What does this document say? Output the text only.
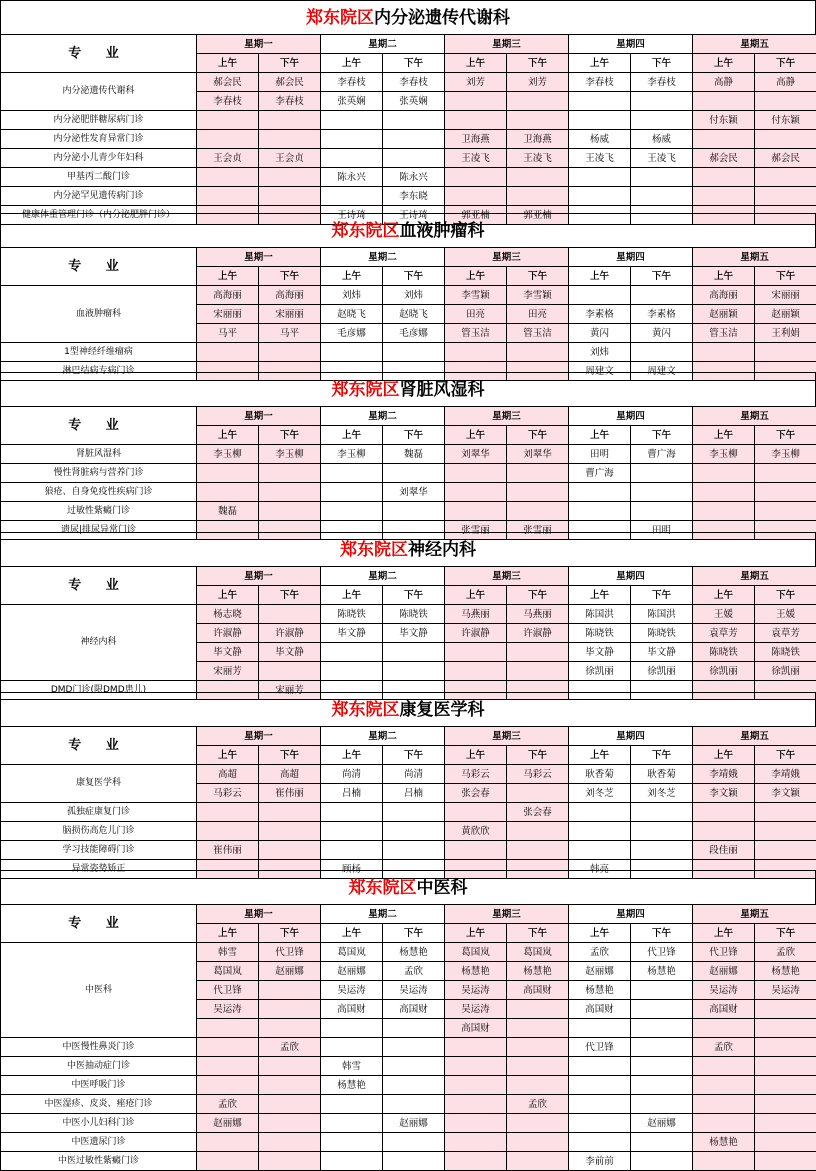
郑东院区内分泌遗传代谢科
专 业	星期一		星期二		星期三		星期四		星期五	
	上午	下午	上午	下午	上午	下午	上午	下午	上午	下午
内分泌遗传代谢科	郝会民	郝会民	李春枝	李春枝	刘芳	刘芳	李春枝	李春枝	高静	高静
	李春枝	李春枝	张英娴	张英娴						
内分泌肥胖糖尿病门诊									付东颖	付东颖
内分泌性发育异常门诊					卫海燕	卫海燕	杨威	杨威		
内分泌小儿青少年妇科	王会贞	王会贞			王凌飞	王凌飞	王凌飞	王凌飞	郝会民	郝会民
甲基丙二酸门诊			陈永兴	陈永兴						
内分泌罕见遗传病门诊				李东晓						
健康体重管理门诊（内分泌肥胖门诊）			王诗琦	王诗琦	郭亚楠	郭亚楠				
郑东院区血液肿瘤科
专 业	星期一		星期二		星期三		星期四		星期五	
	上午	下午	上午	下午	上午	下午	上午	下午	上午	下午
血液肿瘤科	高海丽	高海丽	刘炜	刘炜	李雪颖	李雪颖			高海丽	宋丽丽
	宋丽丽	宋丽丽	赵晓飞	赵晓飞	田亮	田亮	李素格	李素格	赵丽颖	赵丽颖
	马平	马平	毛彦娜	毛彦娜	管玉洁	管玉洁	黄闪	黄闪	管玉洁	王利娟
1型神经纤维瘤病							刘炜			
淋巴结病专病门诊							周建文	周建文		
郑东院区肾脏风湿科
专 业	星期一		星期二		星期三		星期四		星期五	
	上午	下午	上午	下午	上午	下午	上午	下午	上午	下午
肾脏风湿科	李玉柳	李玉柳	李玉柳	魏磊	刘翠华	刘翠华	田明	曹广海	李玉柳	李玉柳
慢性肾脏病与营养门诊							曹广海			
狼疮、自身免疫性疾病门诊				刘翠华						
过敏性紫癜门诊	魏磊									
遗尿|排尿异常门诊					张雪丽	张雪丽		田明		
郑东院区神经内科
专 业	星期一		星期二		星期三		星期四		星期五	
	上午	下午	上午	下午	上午	下午	上午	下午	上午	下午
神经内科	杨志晓		陈晓铁	陈晓铁	马燕丽	马燕丽	陈国洪	陈国洪	王媛	王媛
	许淑静	许淑静	毕文静	毕文静	许淑静	许淑静	陈晓铁	陈晓铁	袁草芳	袁草芳
	毕文静	毕文静					毕文静	毕文静	陈晓铁	陈晓铁
	宋丽芳						徐凯丽	徐凯丽	徐凯丽	徐凯丽
DMD门诊(限DMD患儿)		宋丽芳								
郑东院区康复医学科
专 业	星期一		星期二		星期三		星期四		星期五	
	上午	下午	上午	下午	上午	下午	上午	下午	上午	下午
康复医学科	高超	高超	尚清	尚清	马彩云	马彩云	耿香菊	耿香菊	李靖娥	李靖娥
	马彩云	崔伟丽	吕楠	吕楠	张会春		刘冬芝	刘冬芝	李文颖	李文颖
孤独症康复门诊						张会春				
脑损伤高危儿门诊					黄欣欣					
学习技能障碍门诊	崔伟丽								段佳丽	
异常姿势矫正			顾杨				韩亮			
郑东院区中医科
专 业	星期一		星期二		星期三		星期四		星期五	
	上午	下午	上午	下午	上午	下午	上午	下午	上午	下午
中医科	韩雪	代卫锋	葛国岚	杨慧艳	葛国岚	葛国岚	孟欣	代卫锋	代卫锋	孟欣
	葛国岚	赵丽娜	赵丽娜	孟欣	杨慧艳	杨慧艳	赵丽娜	杨慧艳	赵丽娜	杨慧艳
	代卫锋		吴运涛	吴运涛	吴运涛	高国财	杨慧艳		吴运涛	吴运涛
	吴运涛		高国财	高国财	吴运涛		高国财		高国财	
					高国财					
中医慢性鼻炎门诊		孟欣					代卫锋		孟欣	
中医抽动症门诊			韩雪							
中医呼吸门诊			杨慧艳							
中医湿疹、皮炎、痤疮门诊	孟欣					孟欣				
中医小儿妇科门诊	赵丽娜			赵丽娜				赵丽娜		
中医遗尿门诊									杨慧艳	
中医过敏性紫癜门诊							李前前			
